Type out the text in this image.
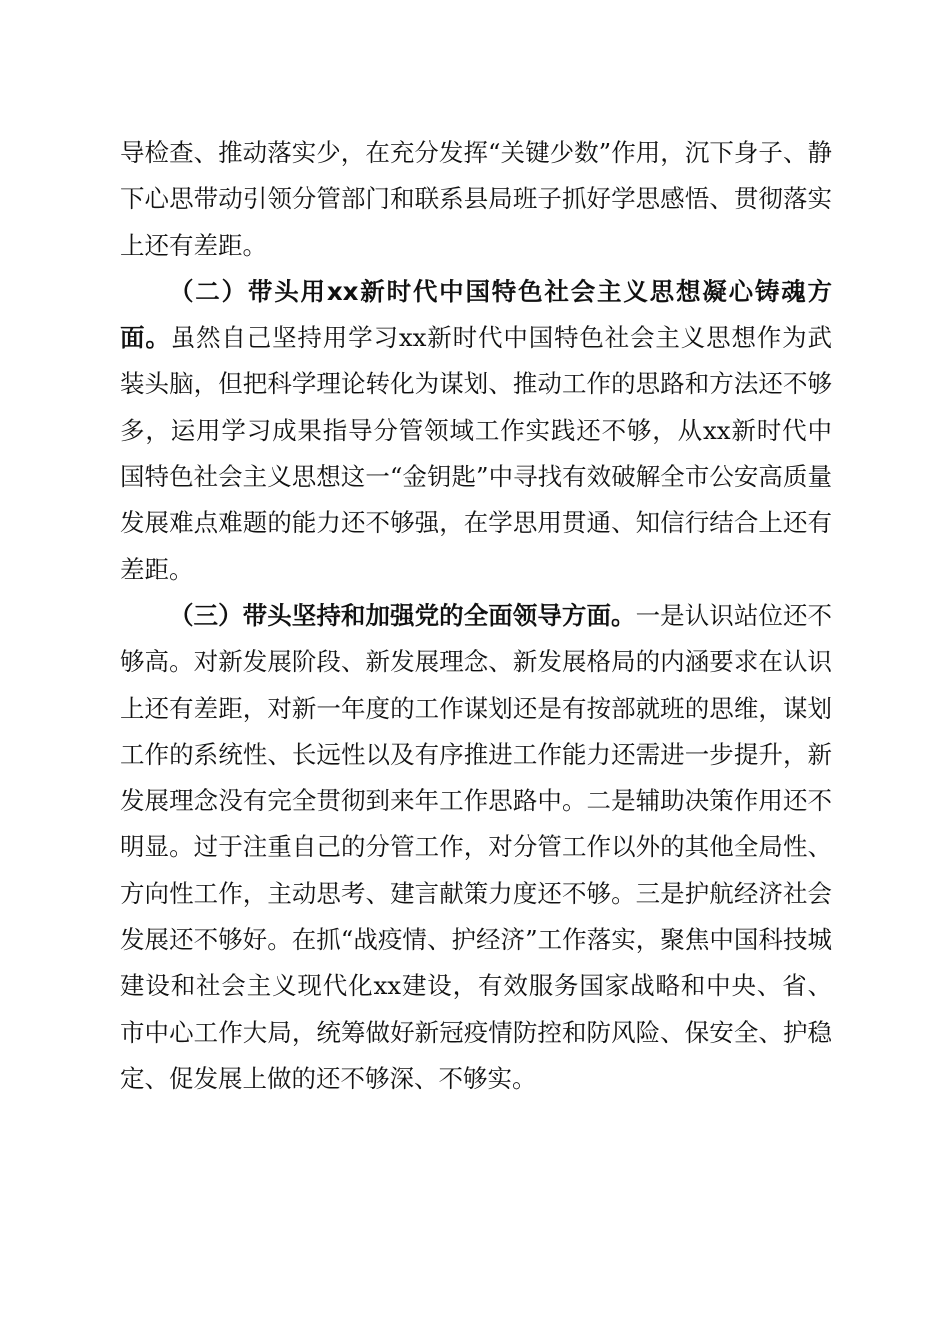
导检查、推动落实少，在充分发挥“关键少数”作用，沉下身子、静下心思带动引领分管部门和联系县局班子抓好学思感悟、贯彻落实上还有差距。

（二）带头用xx新时代中国特色社会主义思想凝心铸魂方面。虽然自己坚持用学习xx新时代中国特色社会主义思想作为武装头脑，但把科学理论转化为谋划、推动工作的思路和方法还不够多，运用学习成果指导分管领域工作实践还不够，从xx新时代中国特色社会主义思想这一“金钥匙”中寻找有效破解全市公安高质量发展难点难题的能力还不够强，在学思用贯通、知信行结合上还有差距。

（三）带头坚持和加强党的全面领导方面。一是认识站位还不够高。对新发展阶段、新发展理念、新发展格局的内涵要求在认识上还有差距，对新一年度的工作谋划还是有按部就班的思维，谋划工作的系统性、长远性以及有序推进工作能力还需进一步提升，新发展理念没有完全贯彻到来年工作思路中。二是辅助决策作用还不明显。过于注重自己的分管工作，对分管工作以外的其他全局性、方向性工作，主动思考、建言献策力度还不够。三是护航经济社会发展还不够好。在抓“战疫情、护经济”工作落实，聚焦中国科技城建设和社会主义现代化xx建设，有效服务国家战略和中央、省、市中心工作大局，统筹做好新冠疫情防控和防风险、保安全、护稳定、促发展上做的还不够深、不够实。
